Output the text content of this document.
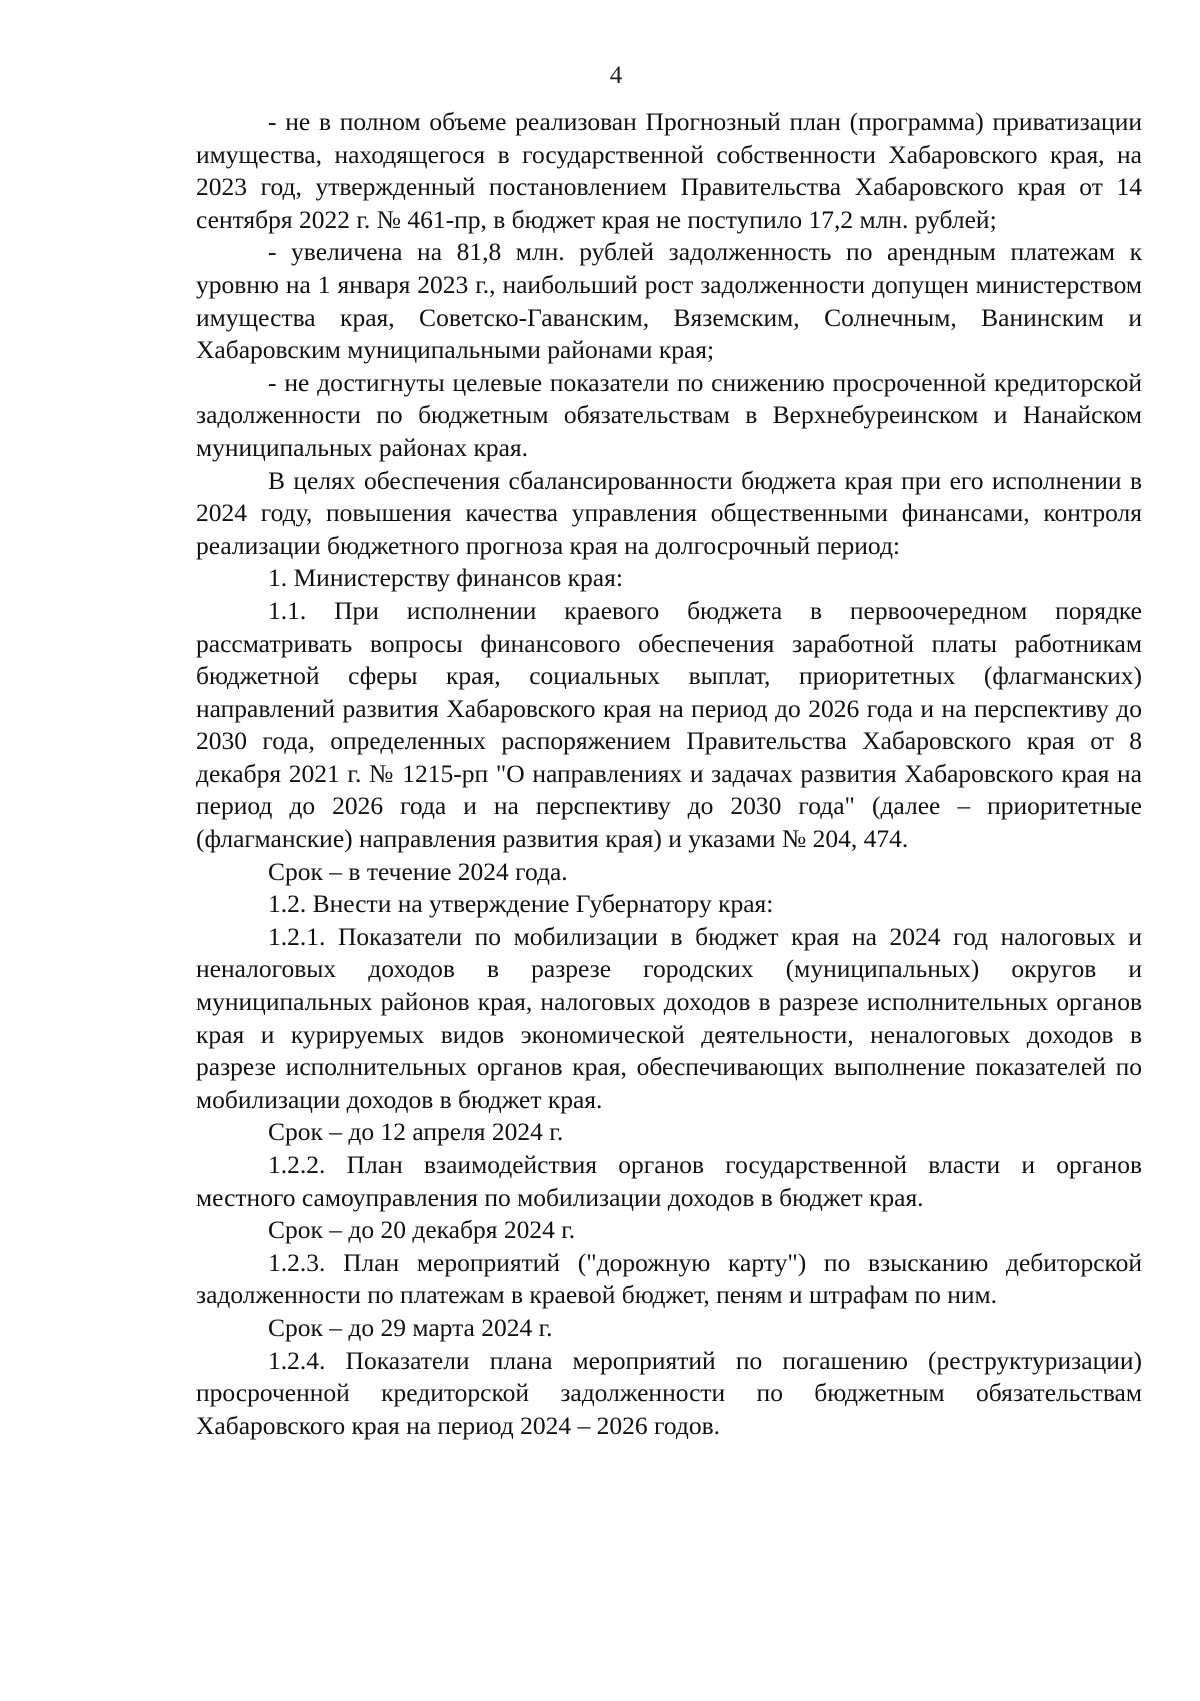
4

- не в полном объеме реализован Прогнозный план (программа) приватизации имущества, находящегося в государственной собственности Хабаровского края, на 2023 год, утвержденный постановлением Правительства Хабаровского края от 14 сентября 2022 г. № 461-пр, в бюджет края не поступило 17,2 млн. рублей;

- увеличена на 81,8 млн. рублей задолженность по арендным платежам к уровню на 1 января 2023 г., наибольший рост задолженности допущен министерством имущества края, Советско-Гаванским, Вяземским, Солнечным, Ванинским и Хабаровским муниципальными районами края;

- не достигнуты целевые показатели по снижению просроченной кредиторской задолженности по бюджетным обязательствам в Верхнебуреинском и Нанайском муниципальных районах края.

В целях обеспечения сбалансированности бюджета края при его исполнении в 2024 году, повышения качества управления общественными финансами, контроля реализации бюджетного прогноза края на долгосрочный период:

1. Министерству финансов края:

1.1. При исполнении краевого бюджета в первоочередном порядке рассматривать вопросы финансового обеспечения заработной платы работникам бюджетной сферы края, социальных выплат, приоритетных (флагманских) направлений развития Хабаровского края на период до 2026 года и на перспективу до 2030 года, определенных распоряжением Правительства Хабаровского края от 8 декабря 2021 г. № 1215-рп "О направлениях и задачах развития Хабаровского края на период до 2026 года и на перспективу до 2030 года" (далее – приоритетные (флагманские) направления развития края) и указами № 204, 474.

Срок – в течение 2024 года.

1.2. Внести на утверждение Губернатору края:

1.2.1. Показатели по мобилизации в бюджет края на 2024 год налоговых и неналоговых доходов в разрезе городских (муниципальных) округов и муниципальных районов края, налоговых доходов в разрезе исполнительных органов края и курируемых видов экономической деятельности, неналоговых доходов в разрезе исполнительных органов края, обеспечивающих выполнение показателей по мобилизации доходов в бюджет края.

Срок – до 12 апреля 2024 г.

1.2.2. План взаимодействия органов государственной власти и органов местного самоуправления по мобилизации доходов в бюджет края.

Срок – до 20 декабря 2024 г.

1.2.3. План мероприятий ("дорожную карту") по взысканию дебиторской задолженности по платежам в краевой бюджет, пеням и штрафам по ним.

Срок – до 29 марта 2024 г.

1.2.4. Показатели плана мероприятий по погашению (реструктуризации) просроченной кредиторской задолженности по бюджетным обязательствам Хабаровского края на период 2024 – 2026 годов.
